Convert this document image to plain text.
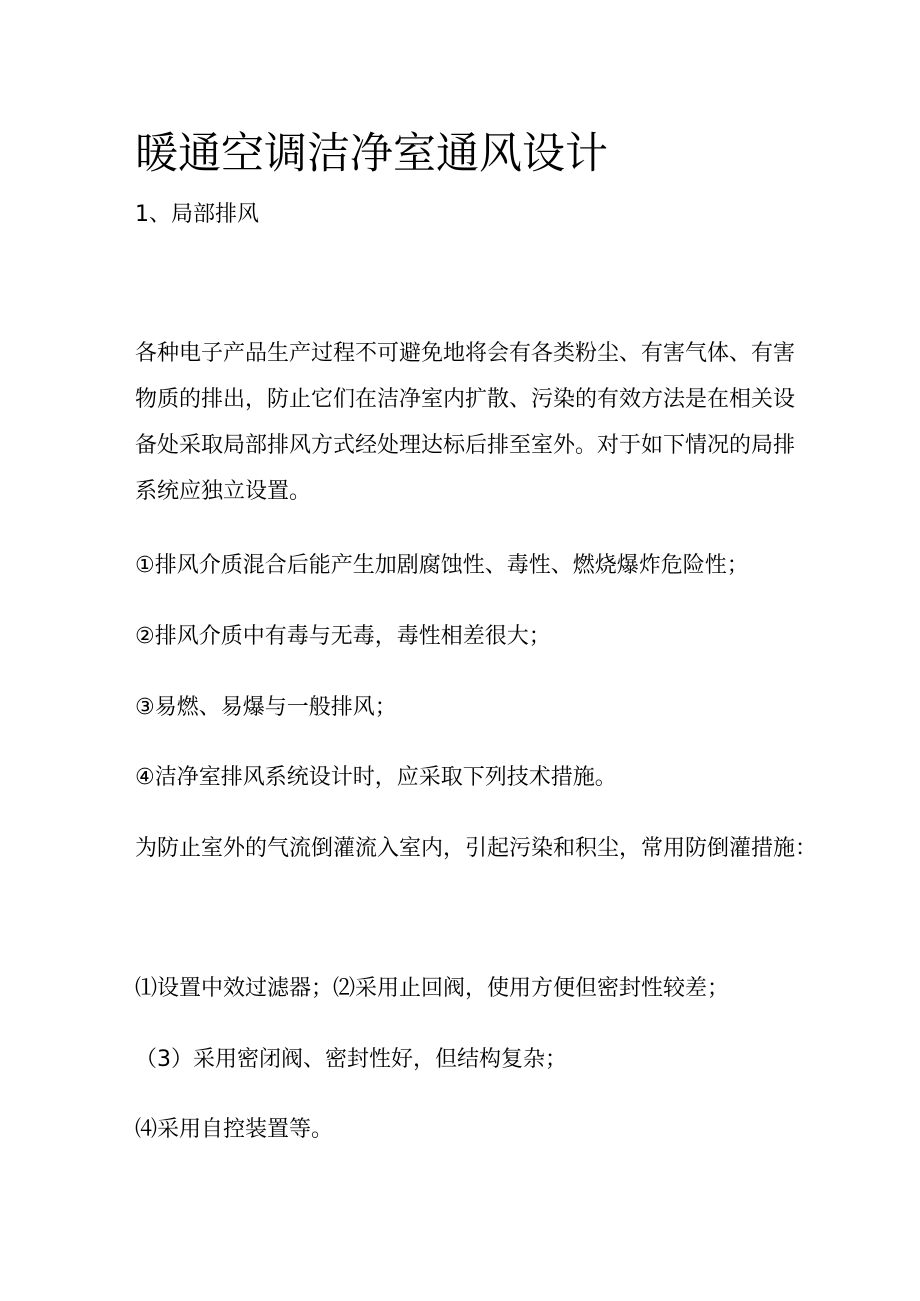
暖通空调洁净室通风设计

1、局部排风

各种电子产品生产过程不可避免地将会有各类粉尘、有害气体、有害
物质的排出，防止它们在洁净室内扩散、污染的有效方法是在相关设
备处采取局部排风方式经处理达标后排至室外。对于如下情况的局排
系统应独立设置。

①排风介质混合后能产生加剧腐蚀性、毒性、燃烧爆炸危险性；

②排风介质中有毒与无毒，毒性相差很大；

③易燃、易爆与一般排风；

④洁净室排风系统设计时，应采取下列技术措施。

为防止室外的气流倒灌流入室内，引起污染和积尘，常用防倒灌措施：

⑴设置中效过滤器；⑵采用止回阀，使用方便但密封性较差；

（3）采用密闭阀、密封性好，但结构复杂；

⑷采用自控装置等。
